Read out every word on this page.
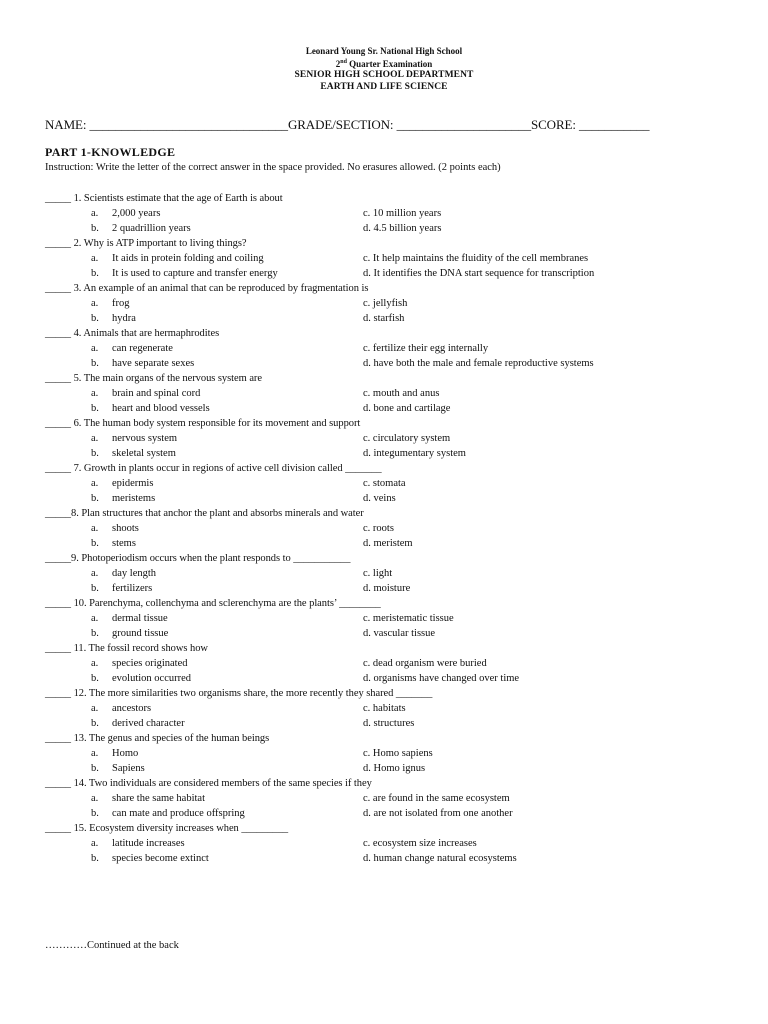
Leonard Young Sr. National High School
2nd Quarter Examination
SENIOR HIGH SCHOOL DEPARTMENT
EARTH AND LIFE SCIENCE
NAME: _______________________________GRADE/SECTION: _____________________SCORE: ___________
PART 1-KNOWLEDGE
Instruction: Write the letter of the correct answer in the space provided. No erasures allowed. (2 points each)
_____ 1. Scientists estimate that the age of Earth is about
a.	2,000 years	c. 10 million years
b.	2 quadrillion years	d. 4.5 billion years
_____ 2. Why is ATP important to living things?
a.	It aids in protein folding and coiling	c. It help maintains the fluidity of the cell membranes
b.	It is used to capture and transfer energy	d. It identifies the DNA start sequence for transcription
_____ 3. An example of an animal that can be reproduced by fragmentation is
a.	frog	c. jellyfish
b.	hydra	d. starfish
_____ 4. Animals that are hermaphrodites
a.	can regenerate	c. fertilize their egg internally
b.	have separate sexes	d. have both the male and female reproductive systems
_____ 5. The main organs of the nervous system are
a.	brain and spinal cord	c. mouth and anus
b.	heart and blood vessels	d. bone and cartilage
_____ 6. The human body system responsible for its movement and support
a.	nervous system	c. circulatory system
b.	skeletal system	d. integumentary system
_____ 7. Growth in plants occur in regions of active cell division called _______
a.	epidermis	c. stomata
b.	meristems	d. veins
_____8. Plan structures that anchor the plant and absorbs minerals and water
a.	shoots	c. roots
b.	stems	d. meristem
_____9. Photoperiodism occurs when the plant responds to ___________
a.	day length	c. light
b.	fertilizers	d. moisture
_____ 10. Parenchyma, collenchyma and sclerenchyma are the plants’ ________
a.	dermal tissue	c. meristematic tissue
b.	ground tissue	d. vascular tissue
_____ 11. The fossil record shows how
a.	species originated	c. dead organism were buried
b.	evolution occurred	d. organisms have changed over time
_____ 12. The more similarities two organisms share, the more recently they shared _______
a.	ancestors	c. habitats
b.	derived character	d. structures
_____ 13. The genus and species of the human beings
a.	Homo	c. Homo sapiens
b.	Sapiens	d. Homo ignus
_____ 14. Two individuals are considered members of the same species if they
a.	share the same habitat	c. are found in the same ecosystem
b.	can mate and produce offspring	d. are not isolated from one another
_____ 15. Ecosystem diversity increases when _________
a.	latitude increases	c. ecosystem size increases
b.	species become extinct	d. human change natural ecosystems
…………Continued at the back
